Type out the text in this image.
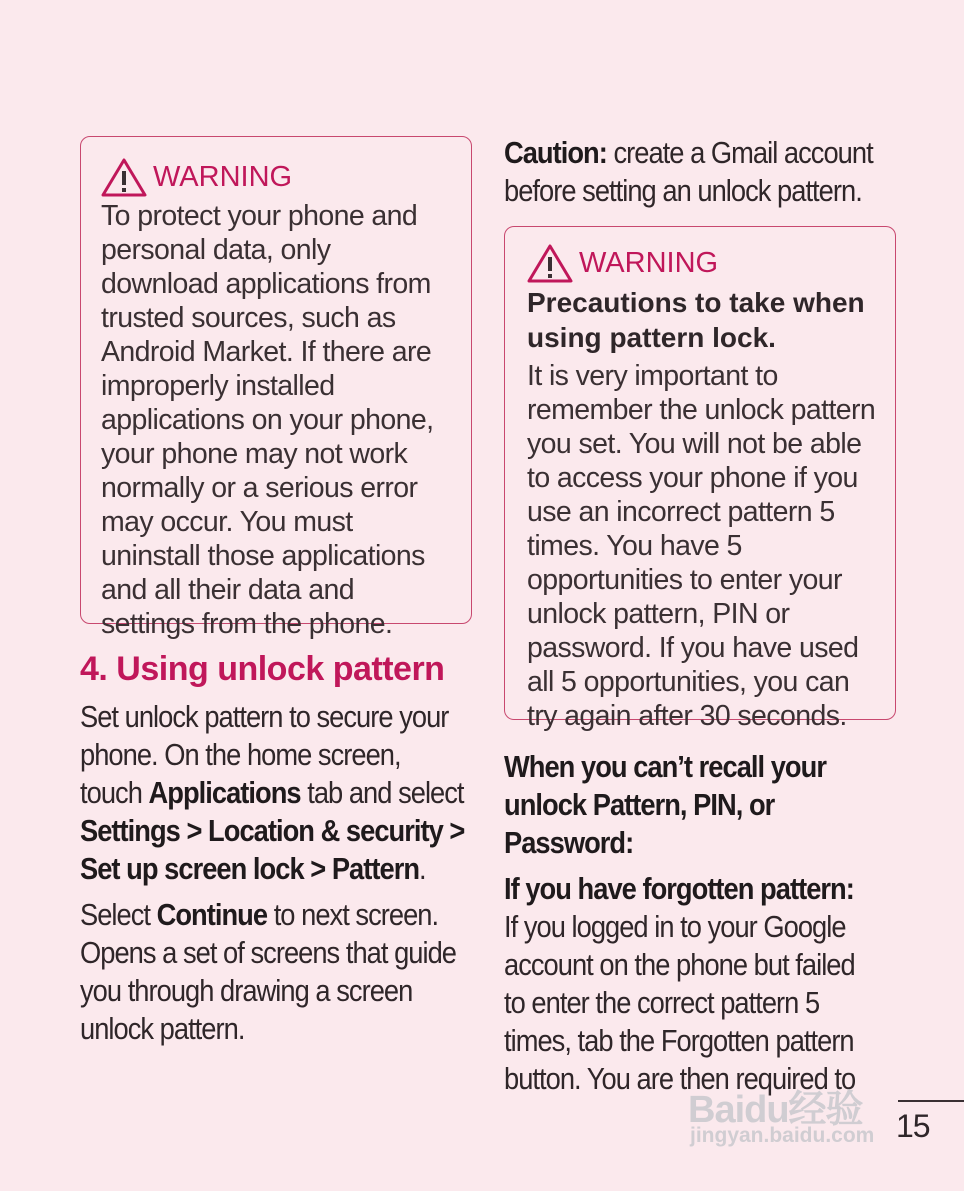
WARNING
To protect your phone and personal data, only download applications from trusted sources, such as Android Market. If there are improperly installed applications on your phone, your phone may not work normally or a serious error may occur. You must uninstall those applications and all their data and settings from the phone.
4. Using unlock pattern
Set unlock pattern to secure your phone. On the home screen, touch Applications tab and select Settings > Location & security > Set up screen lock > Pattern.
Select Continue to next screen. Opens a set of screens that guide you through drawing a screen unlock pattern.
Caution: create a Gmail account before setting an unlock pattern.
WARNING
Precautions to take when using pattern lock.
It is very important to remember the unlock pattern you set. You will not be able to access your phone if you use an incorrect pattern 5 times. You have 5 opportunities to enter your unlock pattern, PIN or password. If you have used all 5 opportunities, you can try again after 30 seconds.
When you can’t recall your unlock Pattern, PIN, or Password:
If you have forgotten pattern:
If you logged in to your Google account on the phone but failed to enter the correct pattern 5 times, tab the Forgotten pattern button. You are then required to
15
Baidu经验
jingyan.baidu.com
